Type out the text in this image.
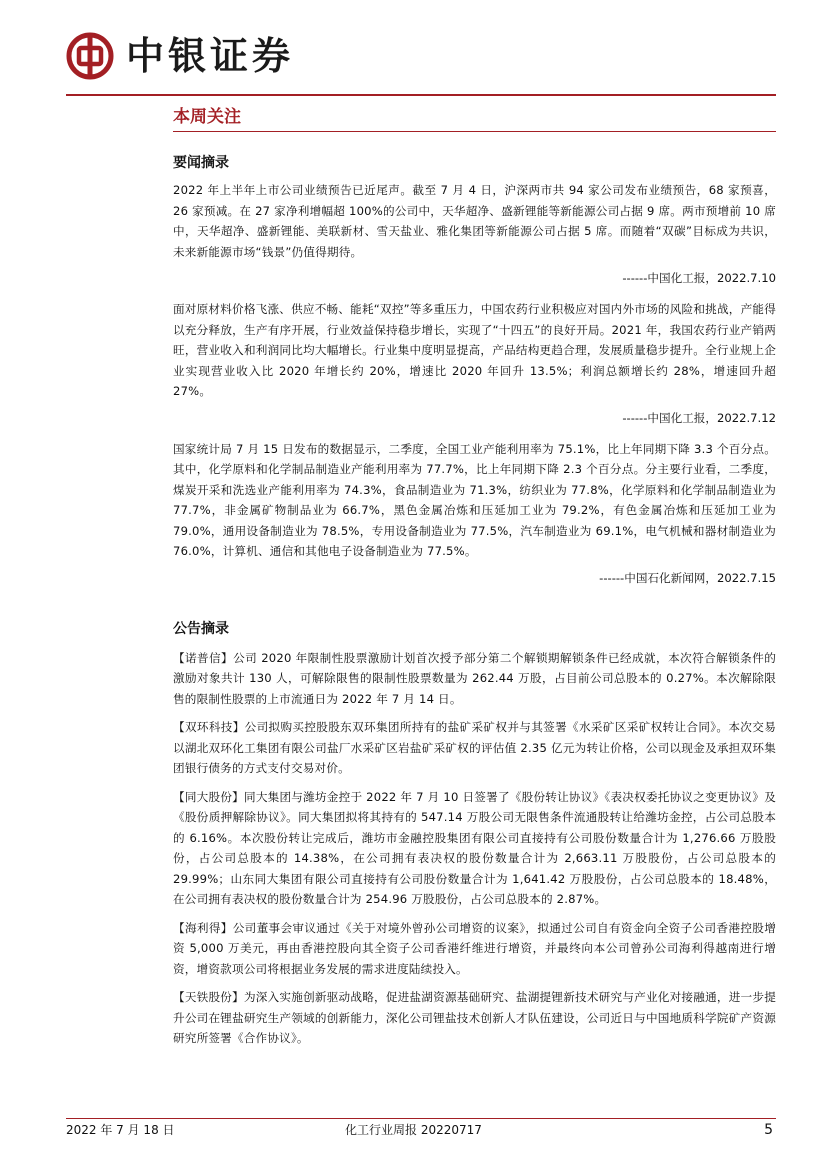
中银证券
本周关注
要闻摘录

2022 年上半年上市公司业绩预告已近尾声。截至 7 月 4 日，沪深两市共 94 家公司发布业绩预告，68 家预喜，26 家预减。在 27 家净利增幅超 100%的公司中，天华超净、盛新锂能等新能源公司占据 9 席。两市预增前 10 席中，天华超净、盛新锂能、美联新材、雪天盐业、雅化集团等新能源公司占据 5 席。而随着“双碳”目标成为共识，未来新能源市场“钱景”仍值得期待。

------中国化工报，2022.7.10

面对原材料价格飞涨、供应不畅、能耗“双控”等多重压力，中国农药行业积极应对国内外市场的风险和挑战，产能得以充分释放，生产有序开展，行业效益保持稳步增长，实现了“十四五”的良好开局。2021 年，我国农药行业产销两旺，营业收入和利润同比均大幅增长。行业集中度明显提高，产品结构更趋合理，发展质量稳步提升。全行业规上企业实现营业收入比 2020 年增长约 20%，增速比 2020 年回升 13.5%；利润总额增长约 28%，增速回升超 27%。

------中国化工报，2022.7.12

国家统计局 7 月 15 日发布的数据显示，二季度，全国工业产能利用率为 75.1%，比上年同期下降 3.3 个百分点。其中，化学原料和化学制品制造业产能利用率为 77.7%，比上年同期下降 2.3 个百分点。分主要行业看，二季度，煤炭开采和洗选业产能利用率为 74.3%，食品制造业为 71.3%，纺织业为 77.8%，化学原料和化学制品制造业为 77.7%，非金属矿物制品业为 66.7%，黑色金属冶炼和压延加工业为 79.2%，有色金属冶炼和压延加工业为 79.0%，通用设备制造业为 78.5%，专用设备制造业为 77.5%，汽车制造业为 69.1%，电气机械和器材制造业为 76.0%，计算机、通信和其他电子设备制造业为 77.5%。

------中国石化新闻网，2022.7.15
公告摘录

【诺普信】公司 2020 年限制性股票激励计划首次授予部分第二个解锁期解锁条件已经成就，本次符合解锁条件的激励对象共计 130 人，可解除限售的限制性股票数量为 262.44 万股，占目前公司总股本的 0.27%。本次解除限售的限制性股票的上市流通日为 2022 年 7 月 14 日。

【双环科技】公司拟购买控股股东双环集团所持有的盐矿采矿权并与其签署《水采矿区采矿权转让合同》。本次交易以湖北双环化工集团有限公司盐厂水采矿区岩盐矿采矿权的评估值 2.35 亿元为转让价格，公司以现金及承担双环集团银行债务的方式支付交易对价。

【同大股份】同大集团与潍坊金控于 2022 年 7 月 10 日签署了《股份转让协议》《表决权委托协议之变更协议》及《股份质押解除协议》。同大集团拟将其持有的 547.14 万股公司无限售条件流通股转让给潍坊金控，占公司总股本的 6.16%。本次股份转让完成后，潍坊市金融控股集团有限公司直接持有公司股份数量合计为 1,276.66 万股股份，占公司总股本的 14.38%，在公司拥有表决权的股份数量合计为 2,663.11 万股股份，占公司总股本的 29.99%；山东同大集团有限公司直接持有公司股份数量合计为 1,641.42 万股股份，占公司总股本的 18.48%，在公司拥有表决权的股份数量合计为 254.96 万股股份，占公司总股本的 2.87%。

【海利得】公司董事会审议通过《关于对境外曾孙公司增资的议案》，拟通过公司自有资金向全资子公司香港控股增资 5,000 万美元，再由香港控股向其全资子公司香港纤维进行增资，并最终向本公司曾孙公司海利得越南进行增资，增资款项公司将根据业务发展的需求进度陆续投入。

【天铁股份】为深入实施创新驱动战略，促进盐湖资源基础研究、盐湖提锂新技术研究与产业化对接融通，进一步提升公司在锂盐研究生产领域的创新能力，深化公司锂盐技术创新人才队伍建设，公司近日与中国地质科学院矿产资源研究所签署《合作协议》。

2022 年 7 月 18 日	化工行业周报 20220717	5
